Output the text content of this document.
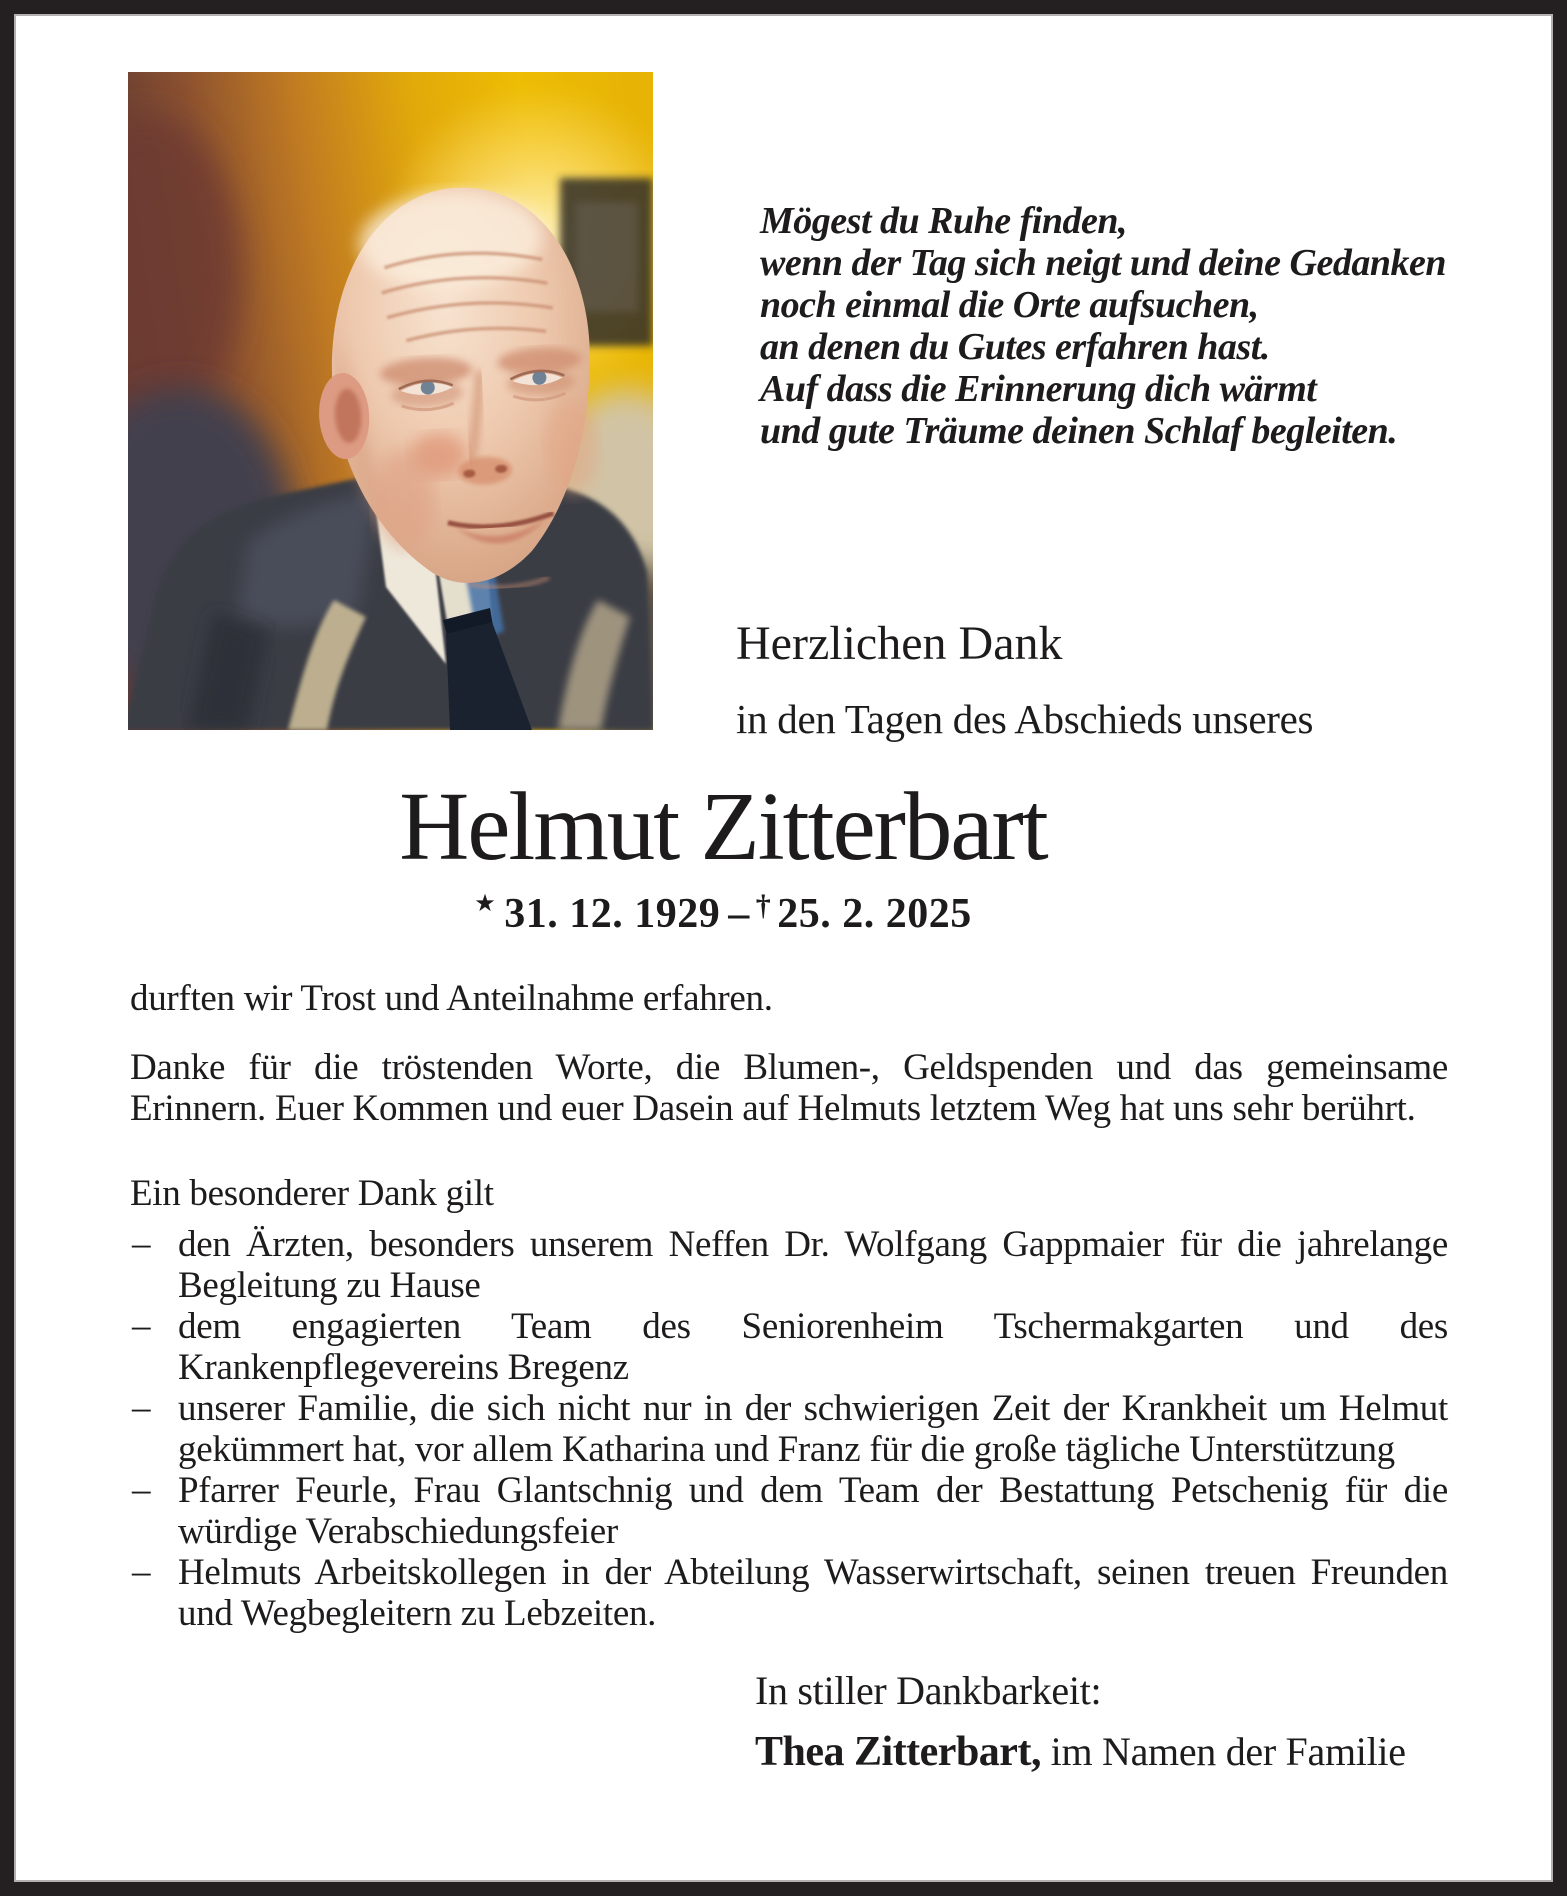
Mögest du Ruhe finden,
wenn der Tag sich neigt und deine Gedanken
noch einmal die Orte aufsuchen,
an denen du Gutes erfahren hast.
Auf dass die Erinnerung dich wärmt
und gute Träume deinen Schlaf begleiten.
Herzlichen Dank
in den Tagen des Abschieds unseres
Helmut Zitterbart
★ 31. 12. 1929 – † 25. 2. 2025

durften wir Trost und Anteilnahme erfahren.

Danke für die tröstenden Worte, die Blumen-, Geldspenden und das gemeinsame Erinnern. Euer Kommen und euer Dasein auf Helmuts letztem Weg hat uns sehr berührt.

Ein besonderer Dank gilt

– den Ärzten, besonders unserem Neffen Dr. Wolfgang Gappmaier für die jahrelange Begleitung zu Hause
– dem engagierten Team des Seniorenheim Tschermakgarten und des Krankenpflegevereins Bregenz
– unserer Familie, die sich nicht nur in der schwierigen Zeit der Krankheit um Helmut gekümmert hat, vor allem Katharina und Franz für die große tägliche Unterstützung
– Pfarrer Feurle, Frau Glantschnig und dem Team der Bestattung Petschenig für die würdige Verabschiedungsfeier
– Helmuts Arbeitskollegen in der Abteilung Wasserwirtschaft, seinen treuen Freunden und Wegbegleitern zu Lebzeiten.
In stiller Dankbarkeit:
Thea Zitterbart, im Namen der Familie
